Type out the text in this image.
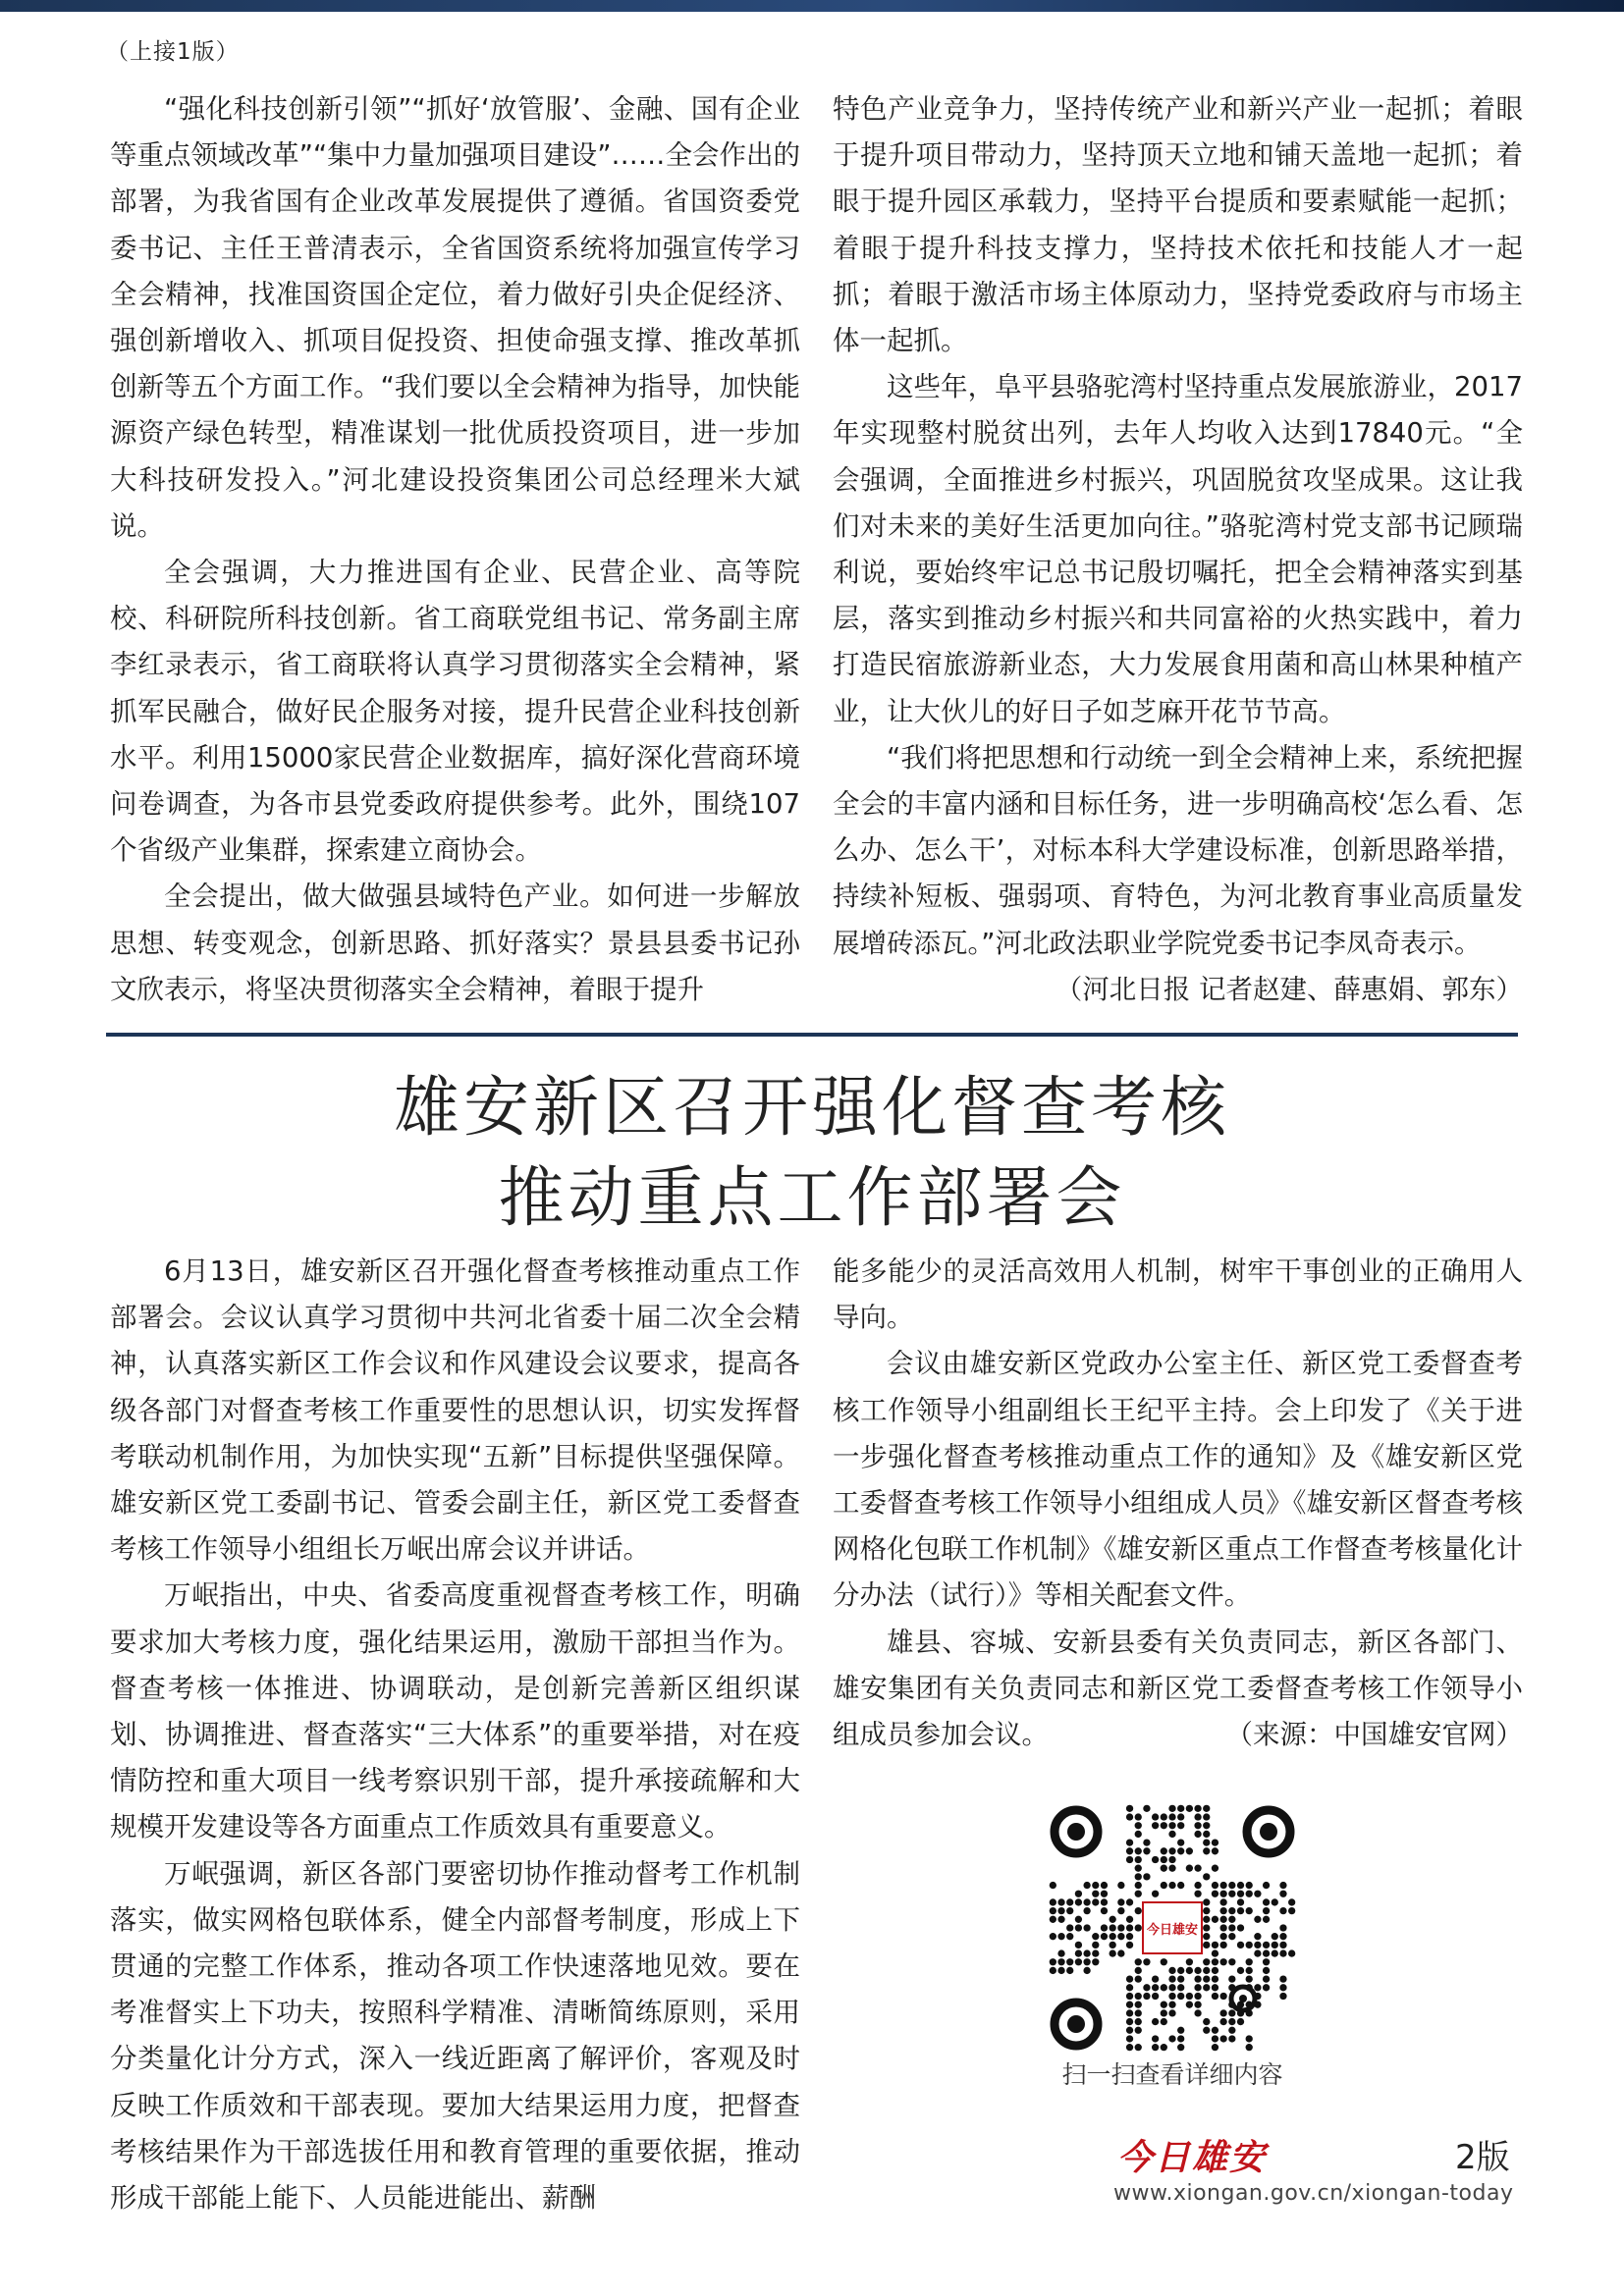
（上接1版）

“强化科技创新引领”“抓好‘放管服’、金融、国有企业等重点领域改革”“集中力量加强项目建设”……全会作出的部署，为我省国有企业改革发展提供了遵循。省国资委党委书记、主任王普清表示，全省国资系统将加强宣传学习全会精神，找准国资国企定位，着力做好引央企促经济、强创新增收入、抓项目促投资、担使命强支撑、推改革抓创新等五个方面工作。“我们要以全会精神为指导，加快能源资产绿色转型，精准谋划一批优质投资项目，进一步加大科技研发投入。”河北建设投资集团公司总经理米大斌说。

全会强调，大力推进国有企业、民营企业、高等院校、科研院所科技创新。省工商联党组书记、常务副主席李红录表示，省工商联将认真学习贯彻落实全会精神，紧抓军民融合，做好民企服务对接，提升民营企业科技创新水平。利用15000家民营企业数据库，搞好深化营商环境问卷调查，为各市县党委政府提供参考。此外，围绕107个省级产业集群，探索建立商协会。

全会提出，做大做强县域特色产业。如何进一步解放思想、转变观念，创新思路、抓好落实？景县县委书记孙文欣表示，将坚决贯彻落实全会精神，着眼于提升

特色产业竞争力，坚持传统产业和新兴产业一起抓；着眼于提升项目带动力，坚持顶天立地和铺天盖地一起抓；着眼于提升园区承载力，坚持平台提质和要素赋能一起抓；着眼于提升科技支撑力，坚持技术依托和技能人才一起抓；着眼于激活市场主体原动力，坚持党委政府与市场主体一起抓。

这些年，阜平县骆驼湾村坚持重点发展旅游业，2017年实现整村脱贫出列，去年人均收入达到17840元。“全会强调，全面推进乡村振兴，巩固脱贫攻坚成果。这让我们对未来的美好生活更加向往。”骆驼湾村党支部书记顾瑞利说，要始终牢记总书记殷切嘱托，把全会精神落实到基层，落实到推动乡村振兴和共同富裕的火热实践中，着力打造民宿旅游新业态，大力发展食用菌和高山林果种植产业，让大伙儿的好日子如芝麻开花节节高。

“我们将把思想和行动统一到全会精神上来，系统把握全会的丰富内涵和目标任务，进一步明确高校‘怎么看、怎么办、怎么干’，对标本科大学建设标准，创新思路举措，持续补短板、强弱项、育特色，为河北教育事业高质量发展增砖添瓦。”河北政法职业学院党委书记李凤奇表示。
（河北日报 记者赵建、薛惠娟、郭东）

雄安新区召开强化督查考核
推动重点工作部署会

6月13日，雄安新区召开强化督查考核推动重点工作部署会。会议认真学习贯彻中共河北省委十届二次全会精神，认真落实新区工作会议和作风建设会议要求，提高各级各部门对督查考核工作重要性的思想认识，切实发挥督考联动机制作用，为加快实现“五新”目标提供坚强保障。雄安新区党工委副书记、管委会副主任，新区党工委督查考核工作领导小组组长万岷出席会议并讲话。

万岷指出，中央、省委高度重视督查考核工作，明确要求加大考核力度，强化结果运用，激励干部担当作为。督查考核一体推进、协调联动，是创新完善新区组织谋划、协调推进、督查落实“三大体系”的重要举措，对在疫情防控和重大项目一线考察识别干部，提升承接疏解和大规模开发建设等各方面重点工作质效具有重要意义。

万岷强调，新区各部门要密切协作推动督考工作机制落实，做实网格包联体系，健全内部督考制度，形成上下贯通的完整工作体系，推动各项工作快速落地见效。要在考准督实上下功夫，按照科学精准、清晰简练原则，采用分类量化计分方式，深入一线近距离了解评价，客观及时反映工作质效和干部表现。要加大结果运用力度，把督查考核结果作为干部选拔任用和教育管理的重要依据，推动形成干部能上能下、人员能进能出、薪酬

能多能少的灵活高效用人机制，树牢干事创业的正确用人导向。

会议由雄安新区党政办公室主任、新区党工委督查考核工作领导小组副组长王纪平主持。会上印发了《关于进一步强化督查考核推动重点工作的通知》及《雄安新区党工委督查考核工作领导小组组成人员》《雄安新区督查考核网格化包联工作机制》《雄安新区重点工作督查考核量化计分办法（试行）》等相关配套文件。

雄县、容城、安新县委有关负责同志，新区各部门、雄安集团有关负责同志和新区党工委督查考核工作领导小组成员参加会议。	（来源：中国雄安官网）

今日雄安
扫一扫查看详细内容
今日雄安	2版
www.xiongan.gov.cn/xiongan-today
